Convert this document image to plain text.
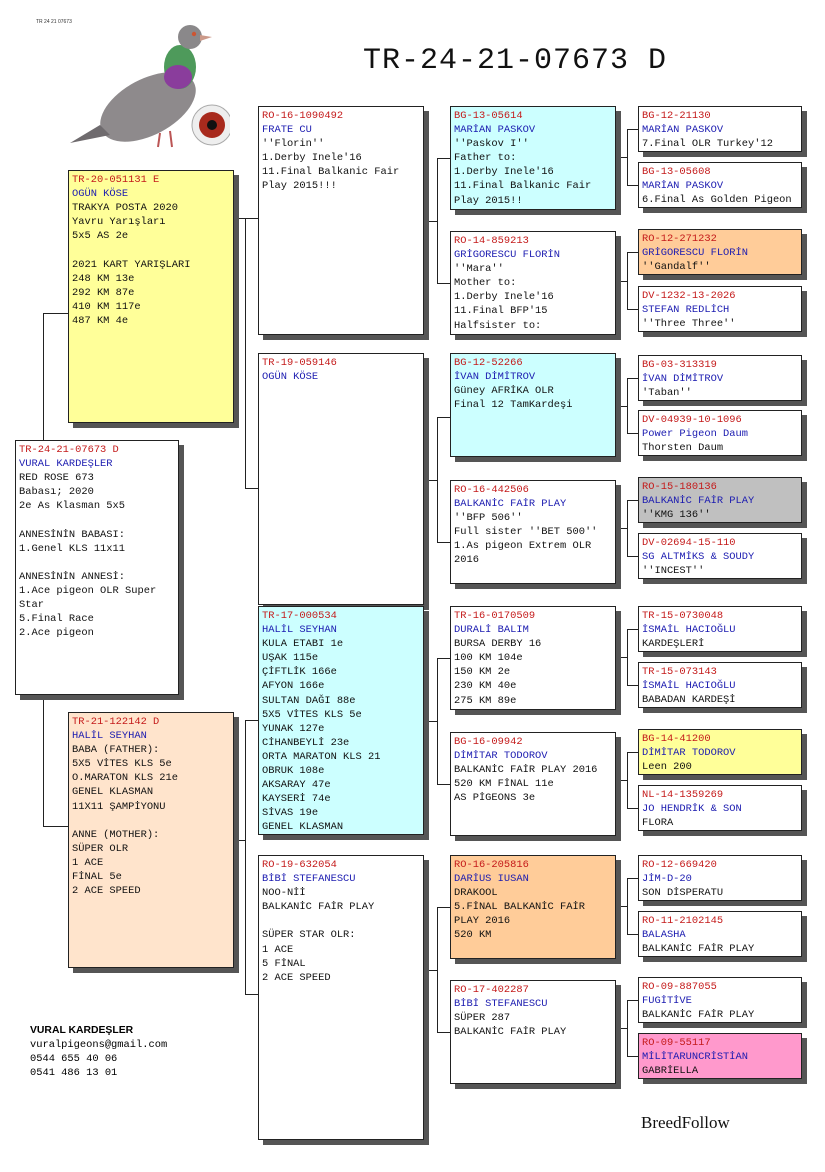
TR 24 21 07673
TR-24-21-07673 D
TR-24-21-07673 D
VURAL KARDEŞLER
RED ROSE 673
Babası; 2020
2e As Klasman 5x5

ANNESİNİN BABASI:
1.Genel KLS 11x11

ANNESİNİN ANNESİ:
1.Ace pigeon OLR Super Star
5.Final Race
2.Ace pigeon
TR-20-051131 E
OGÜN KÖSE
TRAKYA POSTA 2020
Yavru Yarışları
5x5 AS 2e

2021 KART YARIŞLARI
248 KM 13e
292 KM 87e
410 KM 117e
487 KM 4e
TR-21-122142 D
HALİL SEYHAN
BABA (FATHER):
5X5 VİTES KLS 5e
O.MARATON KLS 21e
GENEL KLASMAN
11X11 ŞAMPİYONU

ANNE (MOTHER):
SÜPER OLR
1 ACE
FİNAL 5e
2 ACE SPEED
RO-16-1090492
FRATE CU
''Florin''
1.Derby Inele'16
11.Final Balkanic Fair Play 2015!!!
TR-19-059146
OGÜN KÖSE
TR-17-000534
HALİL SEYHAN
KULA ETABI 1e
UŞAK 115e
ÇİFTLİK 166e
AFYON 166e
SULTAN DAĞI 88e
5X5 VİTES KLS 5e
YUNAK 127e
CİHANBEYLİ 23e
ORTA MARATON KLS 21
OBRUK 108e
AKSARAY 47e
KAYSERİ 74e
SİVAS 19e
GENEL KLASMAN
RO-19-632054
BİBİ STEFANESCU
NOO-Nİİ
BALKANİC FAİR PLAY

SÜPER STAR OLR:
1 ACE
5 FİNAL
2 ACE SPEED
BG-13-05614
MARİAN PASKOV
''Paskov I''
Father to:
1.Derby Inele'16
11.Final Balkanic Fair Play 2015!!
RO-14-859213
GRİGORESCU FLORİN
''Mara''
Mother to:
1.Derby Inele'16
11.Final BFP'15
Halfsister to:
BG-12-52266
İVAN DİMİTROV
Güney AFRİKA OLR
Final 12 TamKardeşi
RO-16-442506
BALKANİC FAİR PLAY
''BFP 506''
Full sister ''BET 500''
1.As pigeon Extrem OLR 2016
TR-16-0170509
DURALİ BALIM
BURSA DERBY 16
100 KM 104e
150 KM 2e
230 KM 40e
275 KM 89e
BG-16-09942
DİMİTAR TODOROV
BALKANİC FAİR PLAY 2016
520 KM FİNAL 11e
AS PİGEONS 3e
RO-16-205816
DARİUS IUSAN
DRAKOOL
5.FİNAL BALKANİC FAİR PLAY 2016
520 KM
RO-17-402287
BİBİ STEFANESCU
SÜPER 287
BALKANİC FAİR PLAY
BG-12-21130
MARİAN PASKOV
7.Final OLR Turkey'12
BG-13-05608
MARİAN PASKOV
6.Final As Golden Pigeon
RO-12-271232
GRİGORESCU FLORİN
''Gandalf''
DV-1232-13-2026
STEFAN REDLİCH
''Three Three''
BG-03-313319
İVAN DİMİTROV
'Taban''
DV-04939-10-1096
Power Pigeon Daum
Thorsten Daum
RO-15-180136
BALKANİC FAİR PLAY
''KMG 136''
DV-02694-15-110
SG ALTMİKS & SOUDY
''INCEST''
TR-15-0730048
İSMAİL HACIOĞLU
KARDEŞLERİ
TR-15-073143
İSMAİL HACIOĞLU
BABADAN KARDEŞİ
BG-14-41200
DİMİTAR TODOROV
Leen 200
NL-14-1359269
JO HENDRİK & SON
FLORA
RO-12-669420
JİM-D-20
SON DİSPERATU
RO-11-2102145
BALASHA
BALKANİC FAİR PLAY
RO-09-887055
FUGİTİVE
BALKANİC FAİR PLAY
RO-09-55117
MİLİTARUNCRİSTİAN
GABRİELLA

VURAL KARDEŞLER
vuralpigeons@gmail.com
0544 655 40 06
0541 486 13 01

BreedFollow
